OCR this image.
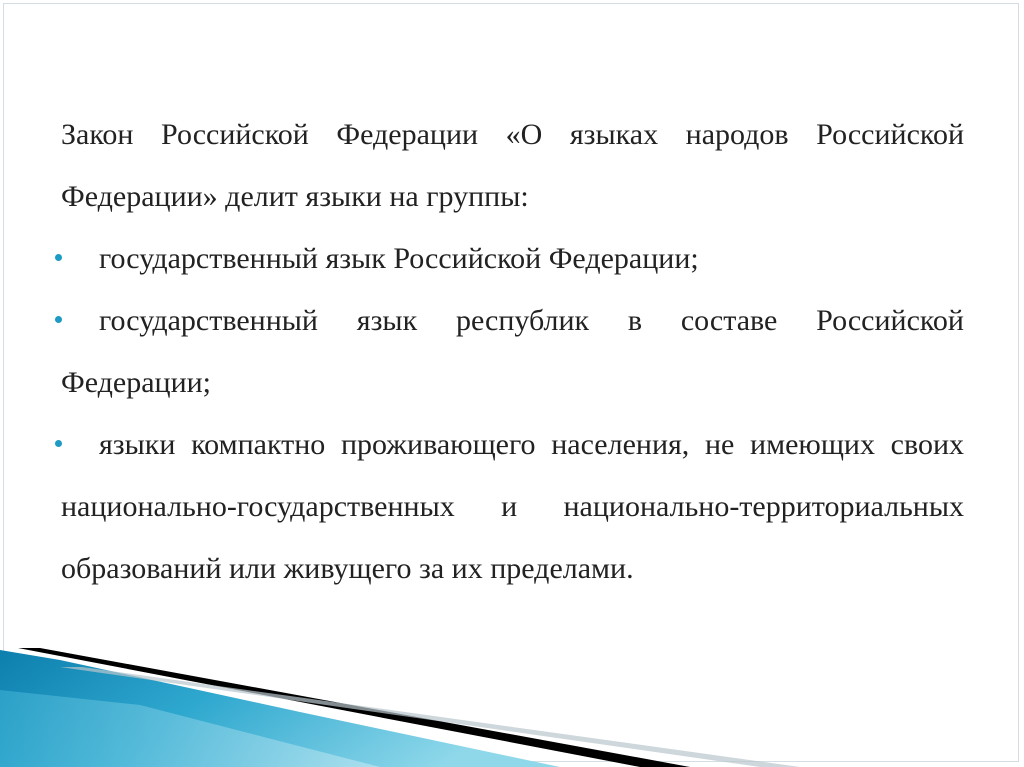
Закон Российской Федерации «О языках народов Российской Федерации» делит языки на группы:

государственный язык Российской Федерации;

государственный язык республик в составе Российской Федерации;

языки компактно проживающего населения, не имеющих своих национально-государственных и национально-территориальных образований или живущего за их пределами.
